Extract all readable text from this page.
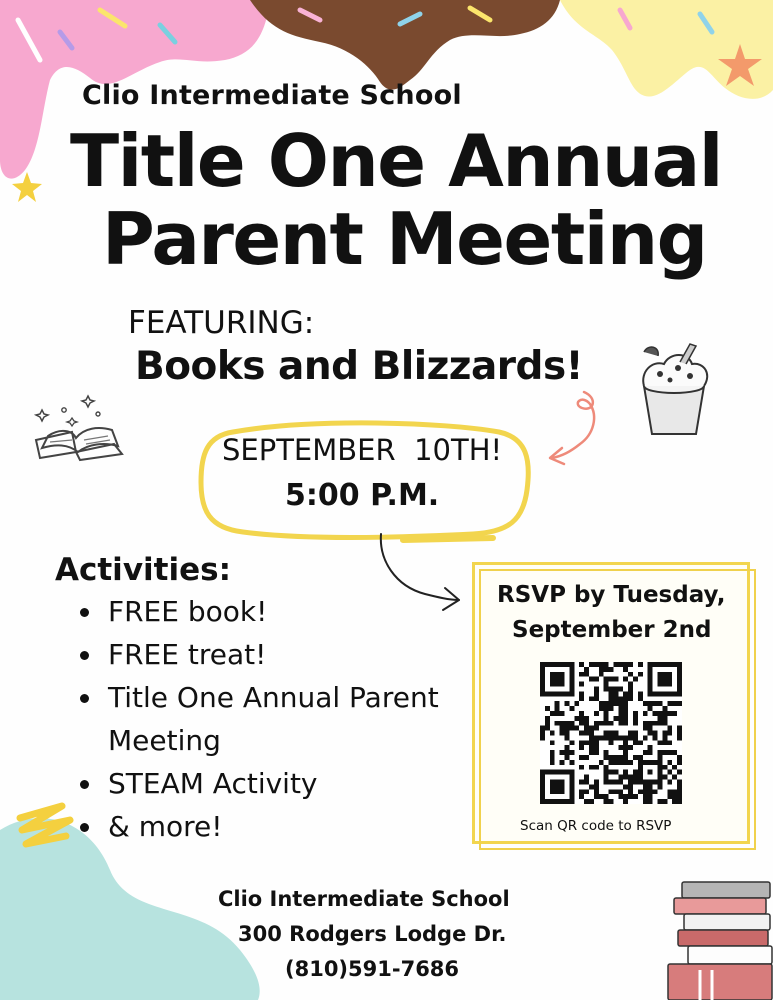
Clio Intermediate School
Title One Annual
Parent Meeting
FEATURING:
Books and Blizzards!
SEPTEMBER  10TH!
5:00 P.M.
Activities:
FREE book!
FREE treat!
Title One Annual Parent Meeting
STEAM Activity
& more!
RSVP by Tuesday,
September 2nd
Scan QR code to RSVP
Clio Intermediate School
300 Rodgers Lodge Dr.
(810)591-7686
